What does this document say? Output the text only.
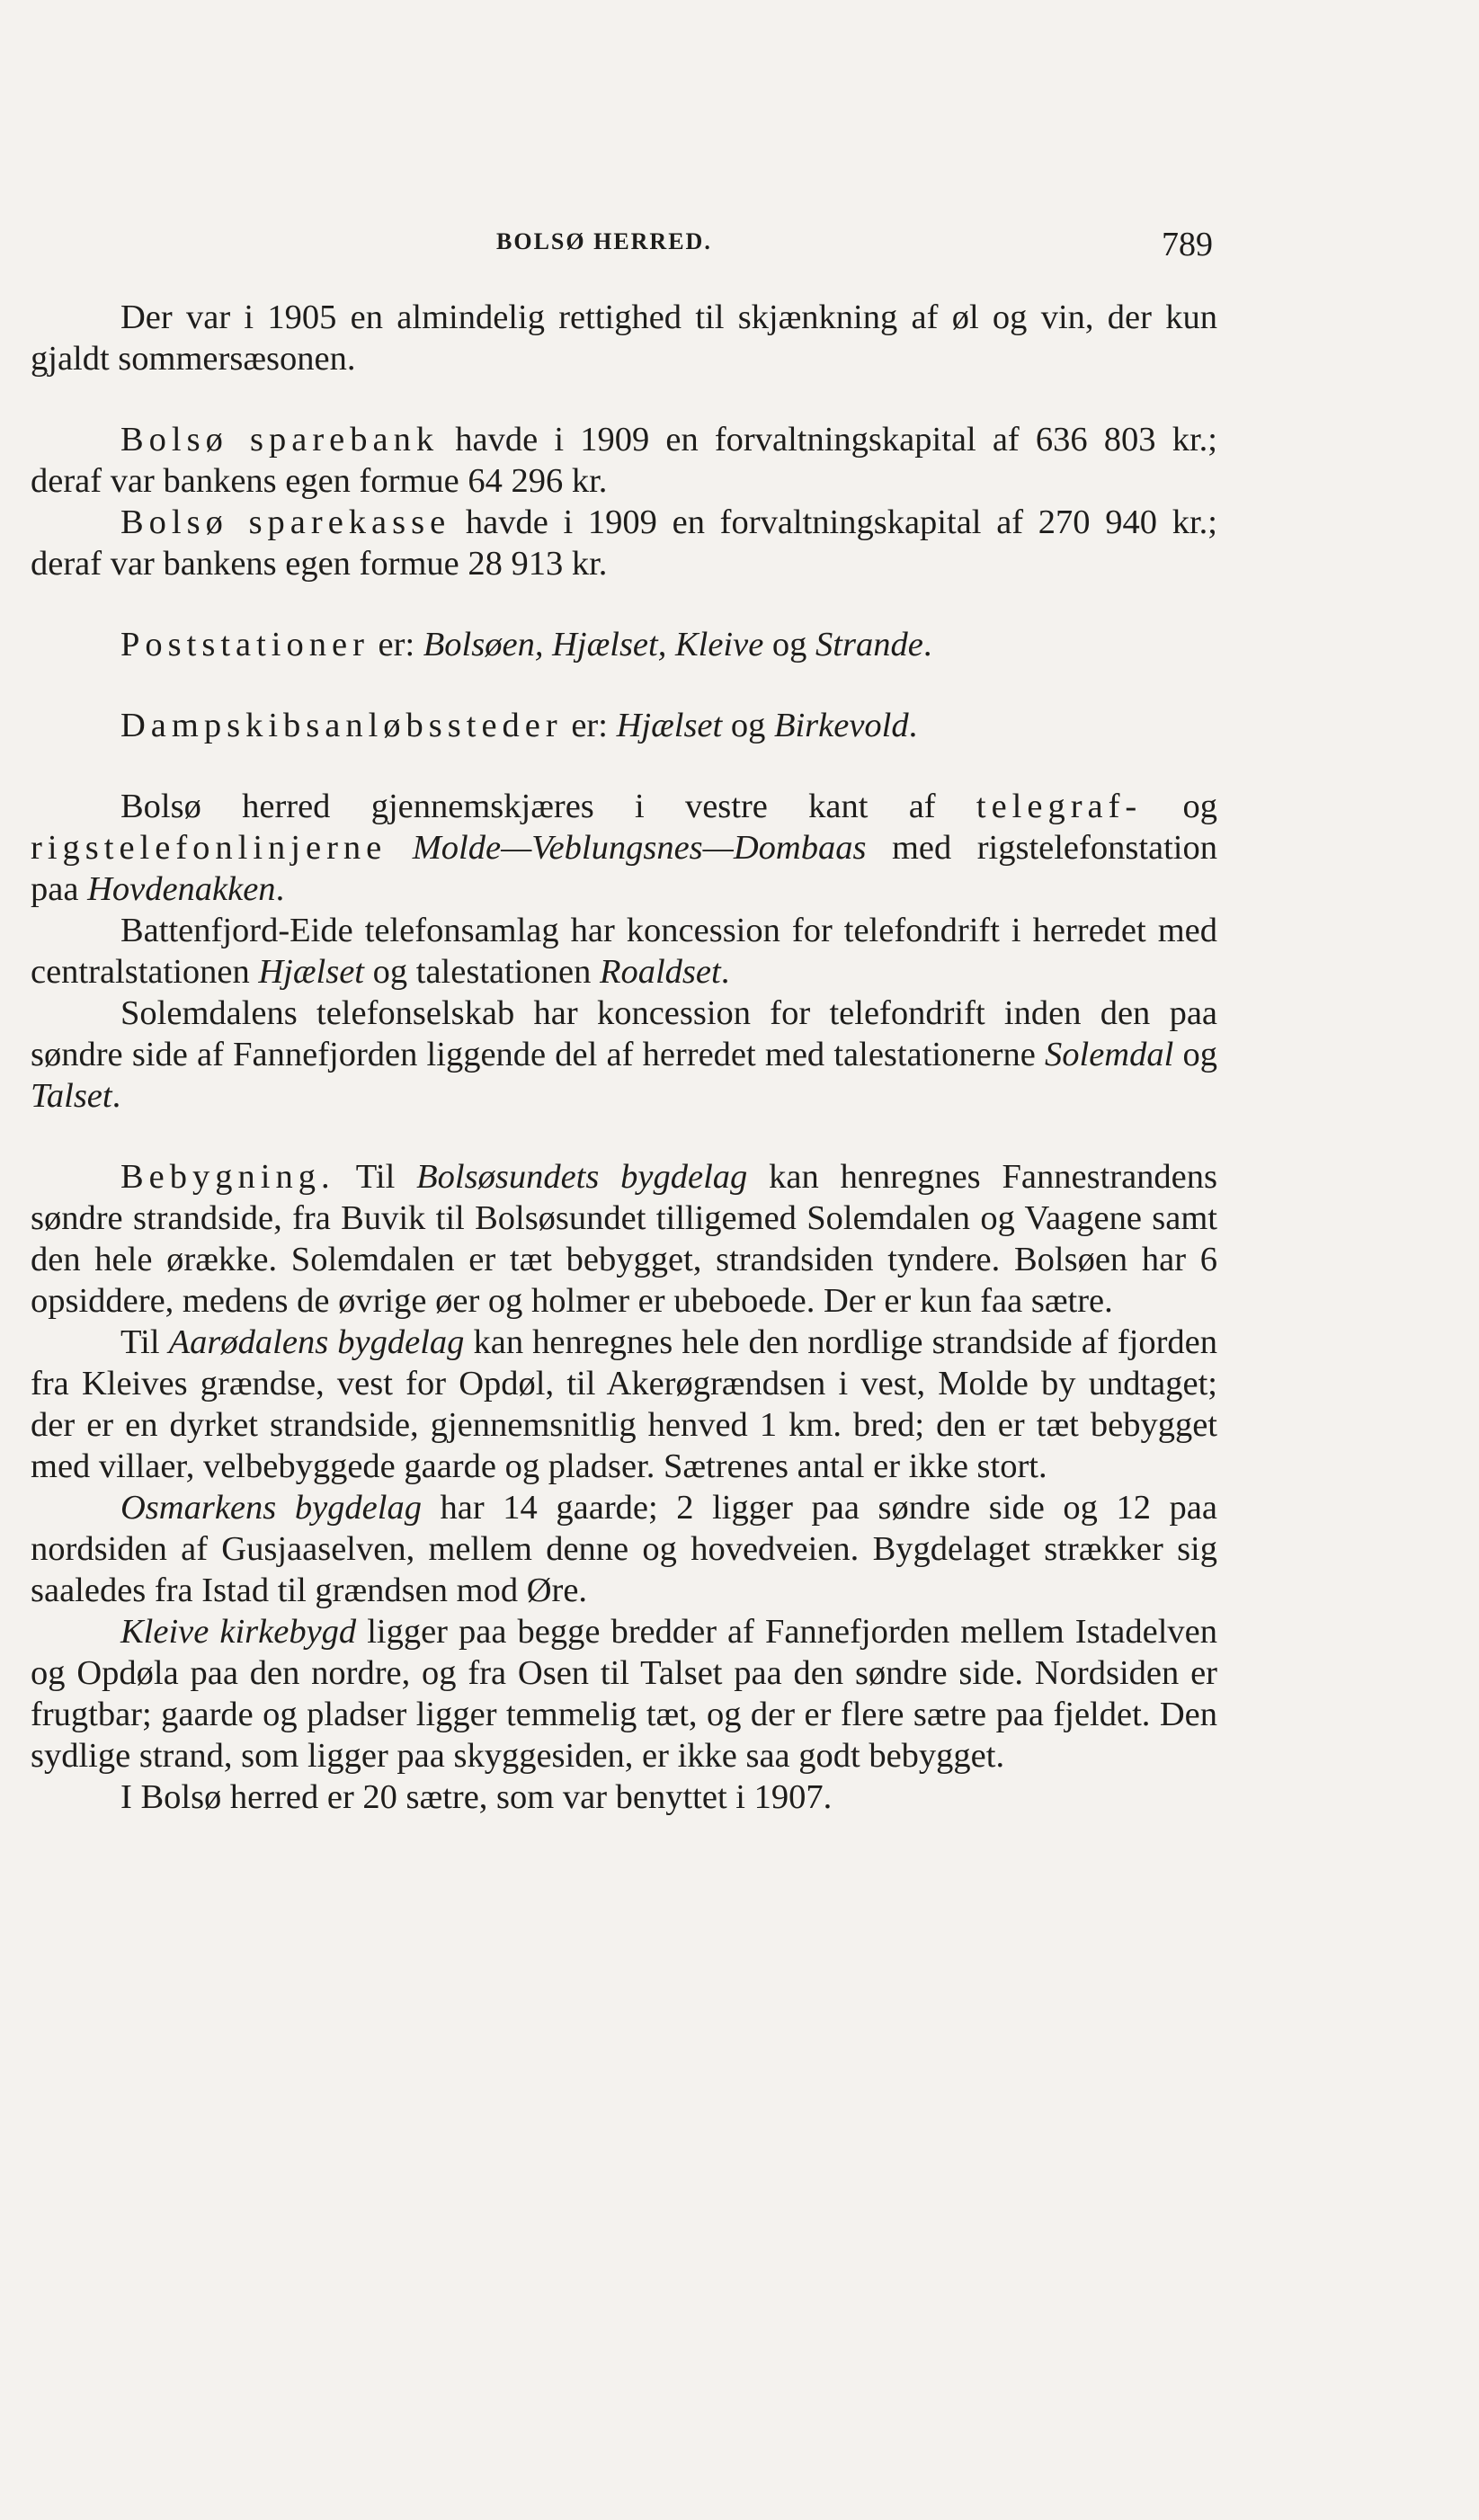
BOLSØ HERRED.	789

Der var i 1905 en almindelig rettighed til skjænkning af øl og vin, der kun gjaldt sommersæsonen.

Bolsø sparebank havde i 1909 en forvaltningskapital af 636 803 kr.; deraf var bankens egen formue 64 296 kr.

Bolsø sparekasse havde i 1909 en forvaltningskapital af 270 940 kr.; deraf var bankens egen formue 28 913 kr.

Poststationer er: Bolsøen, Hjælset, Kleive og Strande.

Dampskibsanløbssteder er: Hjælset og Birkevold.

Bolsø herred gjennemskjæres i vestre kant af telegraf- og rigstelefonlinjerne Molde—Veblungsnes—Dombaas med rigstelefonstation paa Hovdenakken.

Battenfjord-Eide telefonsamlag har koncession for telefondrift i herredet med centralstationen Hjælset og talestationen Roaldset.

Solemdalens telefonselskab har koncession for telefondrift inden den paa søndre side af Fannefjorden liggende del af herredet med talestationerne Solemdal og Talset.

Bebygning. Til Bolsøsundets bygdelag kan henregnes Fannestrandens søndre strandside, fra Buvik til Bolsøsundet tilligemed Solemdalen og Vaagene samt den hele ørække. Solemdalen er tæt bebygget, strandsiden tyndere. Bolsøen har 6 opsiddere, medens de øvrige øer og holmer er ubeboede. Der er kun faa sætre.

Til Aarødalens bygdelag kan henregnes hele den nordlige strandside af fjorden fra Kleives grændse, vest for Opdøl, til Akerøgrændsen i vest, Molde by undtaget; der er en dyrket strandside, gjennemsnitlig henved 1 km. bred; den er tæt bebygget med villaer, velbebyggede gaarde og pladser. Sætrenes antal er ikke stort.

Osmarkens bygdelag har 14 gaarde; 2 ligger paa søndre side og 12 paa nordsiden af Gusjaaselven, mellem denne og hovedveien. Bygdelaget strækker sig saaledes fra Istad til grændsen mod Øre.

Kleive kirkebygd ligger paa begge bredder af Fannefjorden mellem Istadelven og Opdøla paa den nordre, og fra Osen til Talset paa den søndre side. Nordsiden er frugtbar; gaarde og pladser ligger temmelig tæt, og der er flere sætre paa fjeldet. Den sydlige strand, som ligger paa skyggesiden, er ikke saa godt bebygget.

I Bolsø herred er 20 sætre, som var benyttet i 1907.
